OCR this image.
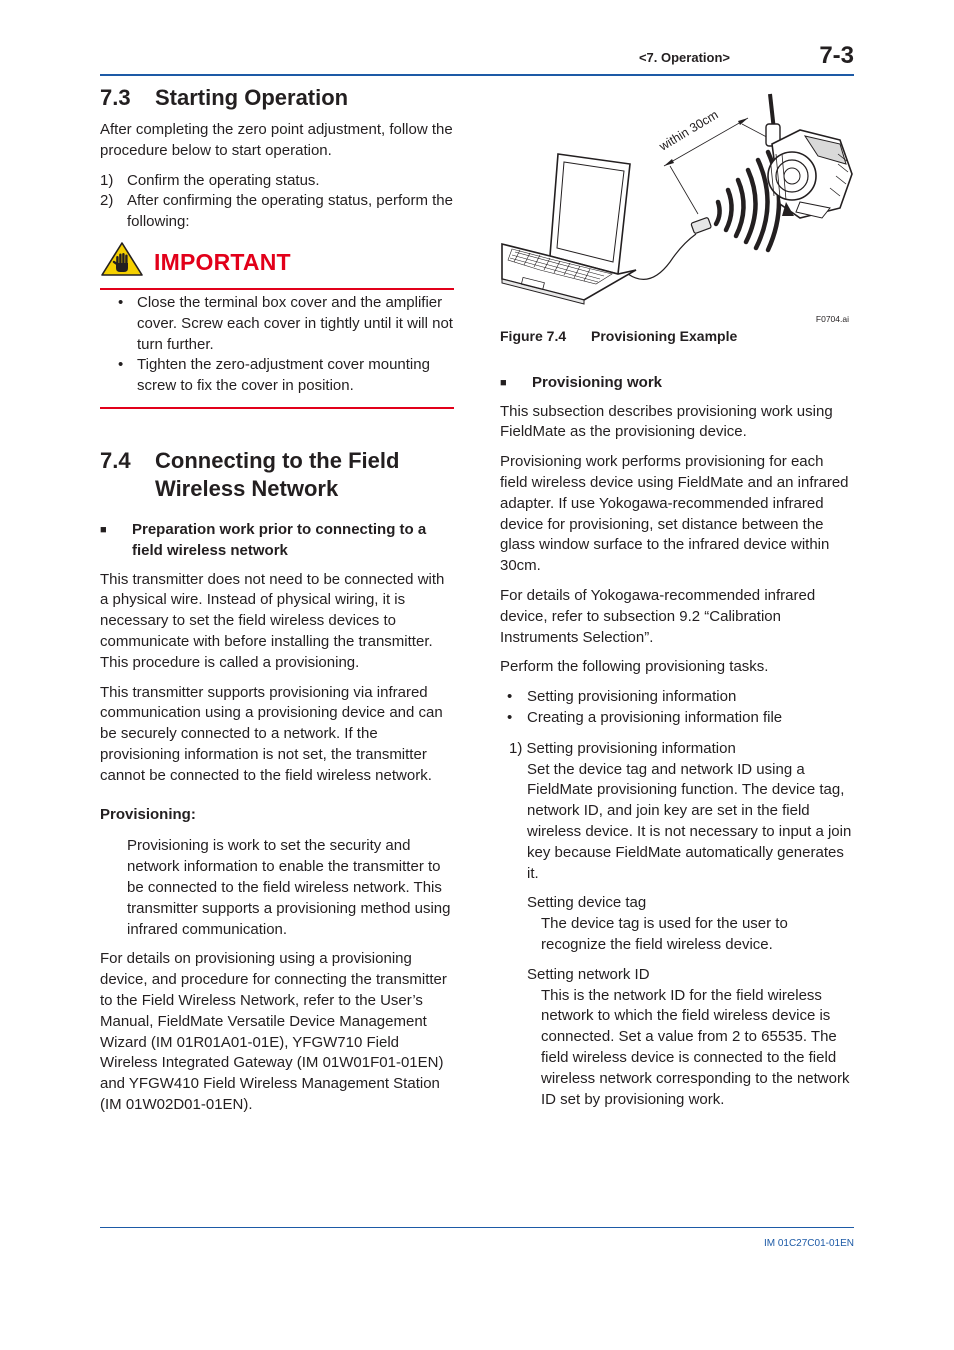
<7. Operation>	7-3
IM 01C27C01-01EN
7.3	Starting Operation

After completing the zero point adjustment, follow the procedure below to start operation.

1) Confirm the operating status.
2) After confirming the operating status, perform the following:
IMPORTANT
• Close the terminal box cover and the amplifier cover. Screw each cover in tightly until it will not turn further.
• Tighten the zero-adjustment cover mounting screw to fix the cover in position.
7.4	Connecting to the Field
Wireless Network
■	Preparation work prior to connecting to a field wireless network

This transmitter does not need to be connected with a physical wire. Instead of physical wiring, it is necessary to set the field wireless devices to communicate with before installing the transmitter. This procedure is called a provisioning.

This transmitter supports provisioning via infrared communication using a provisioning device and can be securely connected to a network. If the provisioning information is not set, the transmitter cannot be connected to the field wireless network.

Provisioning:

Provisioning is work to set the security and network information to enable the transmitter to be connected to the field wireless network. This transmitter supports a provisioning method using infrared communication.

For details on provisioning using a provisioning device, and procedure for connecting the transmitter to the Field Wireless Network, refer to the User’s Manual, FieldMate Versatile Device Management Wizard (IM 01R01A01-01E), YFGW710 Field Wireless Integrated Gateway (IM 01W01F01-01EN) and YFGW410 Field Wireless Management Station (IM 01W02D01-01EN).

within 30cm
F0704.ai
Figure 7.4	Provisioning Example
■	Provisioning work

This subsection describes provisioning work using FieldMate as the provisioning device.

Provisioning work performs provisioning for each field wireless device using FieldMate and an infrared adapter. If use Yokogawa-recommended infrared device for provisioning, set distance between the glass window surface to the infrared device within 30cm.

For details of Yokogawa-recommended infrared device, refer to subsection 9.2 “Calibration Instruments Selection”.

Perform the following provisioning tasks.

• Setting provisioning information
• Creating a provisioning information file

1) Setting provisioning information

Set the device tag and network ID using a FieldMate provisioning function. The device tag, network ID, and join key are set in the field wireless device. It is not necessary to input a join key because FieldMate automatically generates it.

Setting device tag

The device tag is used for the user to recognize the field wireless device.

Setting network ID

This is the network ID for the field wireless network to which the field wireless device is connected. Set a value from 2 to 65535. The field wireless device is connected to the field wireless network corresponding to the network ID set by provisioning work.
